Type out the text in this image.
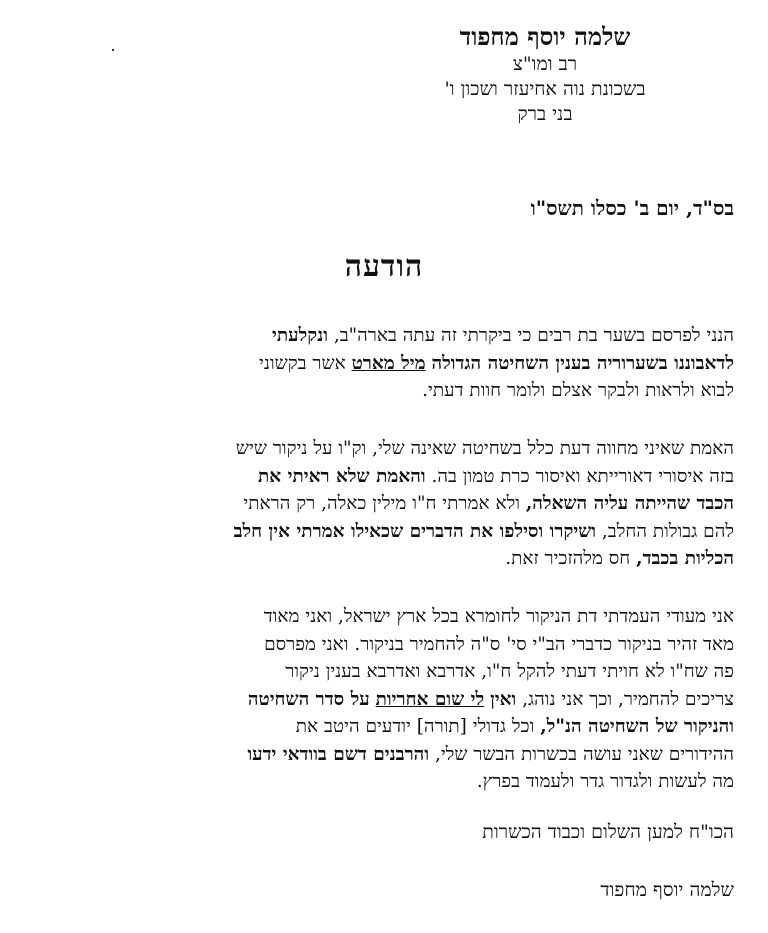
שלמה יוסף מחפוד
רב ומו"צ
בשכונת נוה אחיעזר ושכון ו'
בני ברק
בס"ד, יום ב' כסלו תשס"ו
הודעה
הנני לפרסם בשער בת רבים כי ביקרתי זה עתה בארה"ב, ונקלעתי
לדאבוננו בשערוריה בענין השחיטה הגדולה מיל מארט אשר בקשוני
לבוא ולראות ולבקר אצלם ולומר חוות דעתי.
האמת שאיני מחווה דעת כלל בשחיטה שאינה שלי, וק"ו על ניקור שיש
בזה איסורי דאורייתא ואיסור כרת טמון בה. והאמת שלא ראיתי את
הכבד שהייתה עליה השאלה, ולא אמרתי ח"ו מילין כאלה, רק הראתי
להם גבולות החלב, ושיקרו וסילפו את הדברים שכאילו אמרתי אין חלב
הכליות בכבד, חס מלהזכיר זאת.
אני מעודי העמדתי דת הניקור לחומרא בכל ארץ ישראל, ואני מאוד
מאד זהיר בניקור כדברי הב"י סי' ס"ה להחמיר בניקור. ואני מפרסם
פה שח"ו לא חויתי דעתי להקל ח"ו, אדרבא ואדרבא בענין ניקור
צריכים להחמיר, וכך אני נוהג, ואין לי שום אחריות על סדר השחיטה
והניקור של השחיטה הנ"ל, וכל גדולי [תורה] יודעים היטב את
ההידורים שאני עושה בכשרות הבשר שלי, והרבנים דשם בוודאי ידעו
מה לעשות ולגדור גדר ולעמוד בפרץ.
הכו"ח למען השלום וכבוד הכשרות
שלמה יוסף מחפוד
